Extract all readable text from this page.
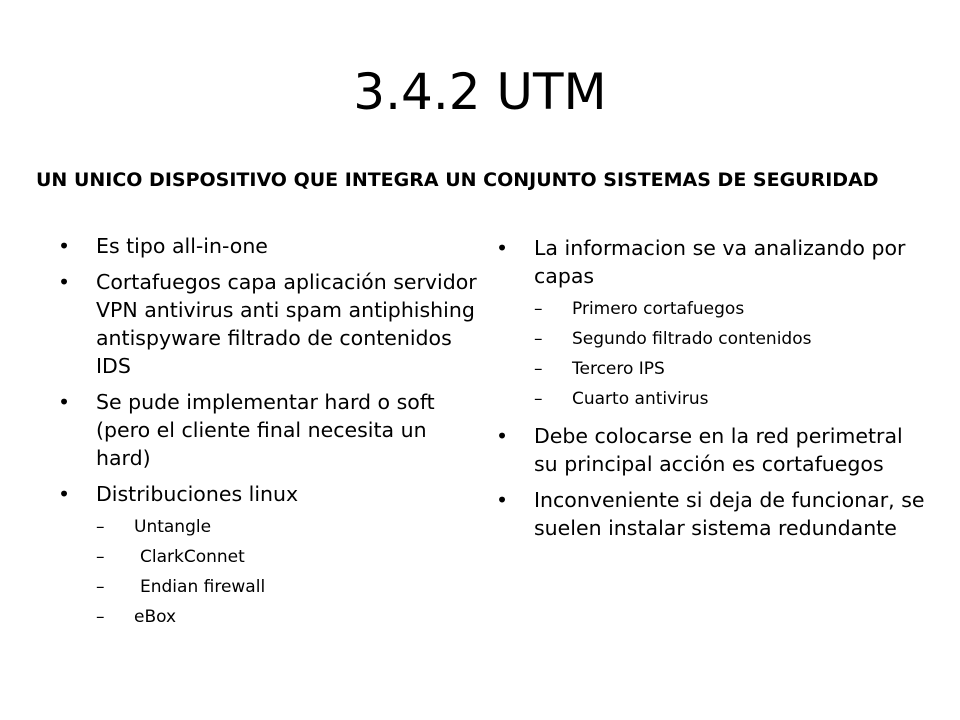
3.4.2 UTM
UN UNICO DISPOSITIVO QUE INTEGRA UN CONJUNTO SISTEMAS DE SEGURIDAD
• Es tipo all-in-one
• Cortafuegos capa aplicación servidor VPN antivirus anti spam antiphishing antispyware filtrado de contenidos IDS
• Se pude implementar hard o soft (pero el cliente final necesita un hard)
• Distribuciones linux
– Untangle
– ClarkConnet
– Endian firewall
– eBox
• La informacion se va analizando por capas
– Primero cortafuegos
– Segundo filtrado contenidos
– Tercero IPS
– Cuarto antivirus
• Debe colocarse en la red perimetral su principal acción es cortafuegos
• Inconveniente si deja de funcionar, se suelen instalar sistema redundante
